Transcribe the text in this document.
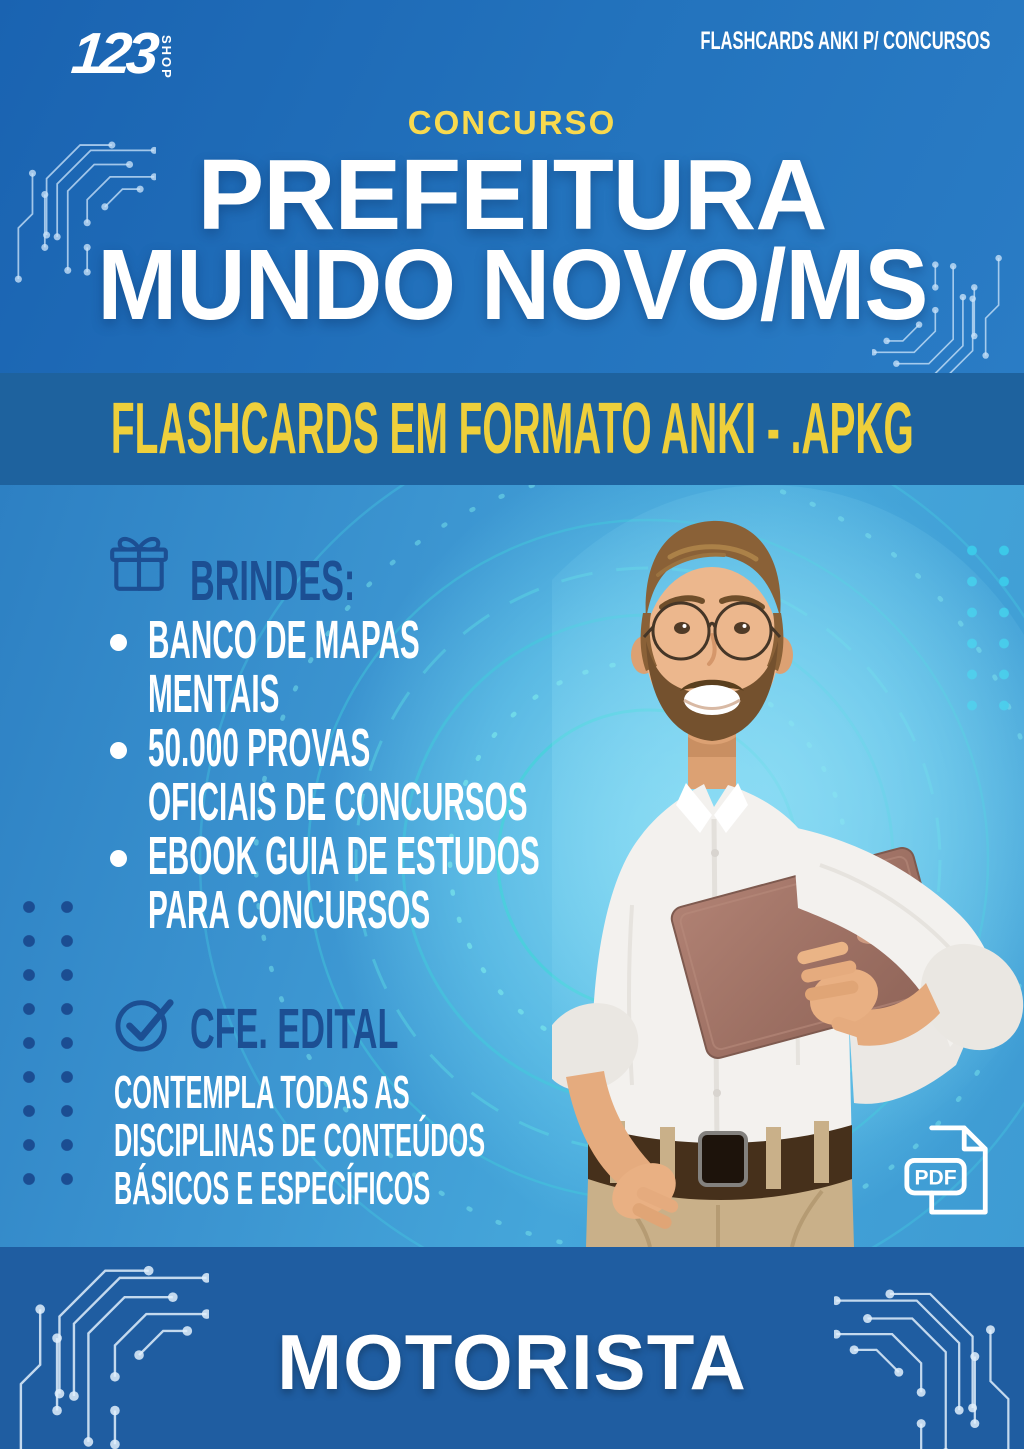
123 SHOP	FLASHCARDS ANKI P/ CONCURSOS
CONCURSO
PREFEITURA
MUNDO NOVO/MS
FLASHCARDS EM FORMATO ANKI - .APKG
BRINDES:
BANCO DE MAPAS
MENTAIS
50.000 PROVAS
OFICIAIS DE CONCURSOS
EBOOK GUIA DE ESTUDOS
PARA CONCURSOS
CFE. EDITAL
CONTEMPLA TODAS AS
DISCIPLINAS DE CONTEÚDOS
BÁSICOS E ESPECÍFICOS	PDF
MOTORISTA
